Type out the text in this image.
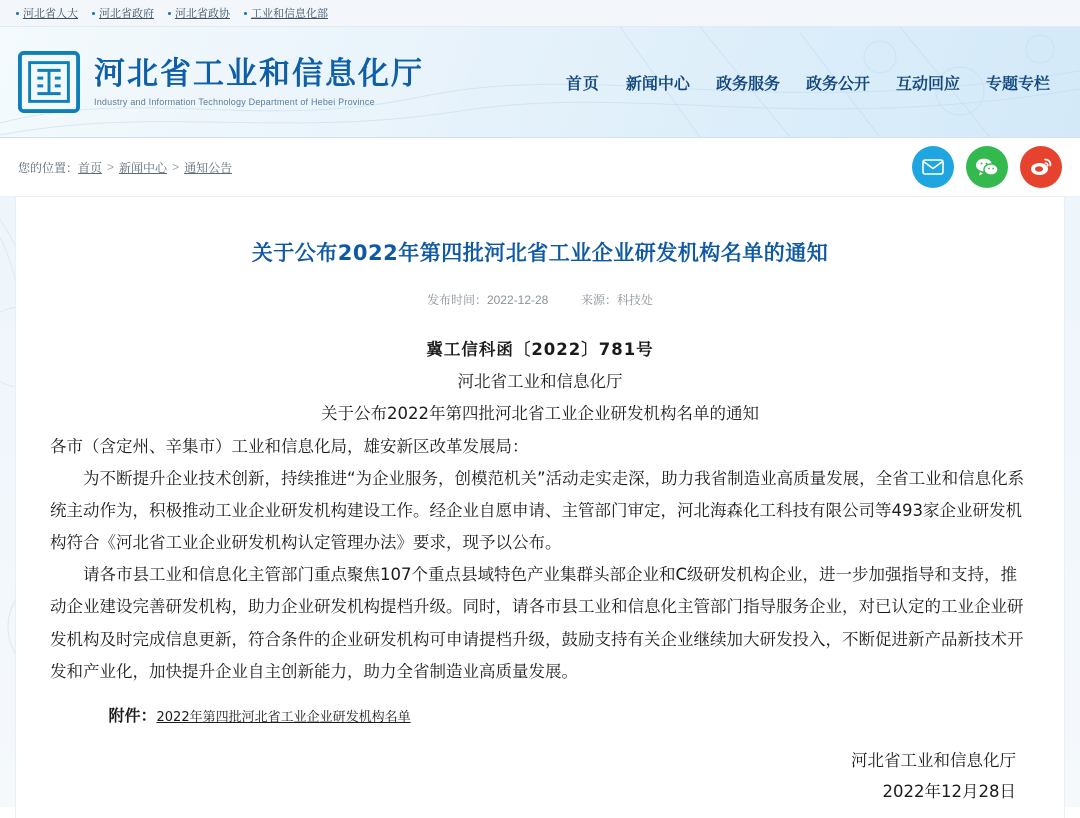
河北省人大 河北省政府 河北省政协 工业和信息化部
河北省工业和信息化厅
Industry and Information Technology Department of Hebei Province
首页 新闻中心 政务服务 政务公开 互动回应 专题专栏
您的位置： 首页 > 新闻中心 > 通知公告
关于公布2022年第四批河北省工业企业研发机构名单的通知
发布时间：2022-12-28	来源：科技处

冀工信科函〔2022〕781号

河北省工业和信息化厅

关于公布2022年第四批河北省工业企业研发机构名单的通知

各市（含定州、辛集市）工业和信息化局，雄安新区改革发展局：

为不断提升企业技术创新，持续推进“为企业服务，创模范机关”活动走实走深，助力我省制造业高质量发展，全省工业和信息化系统主动作为，积极推动工业企业研发机构建设工作。经企业自愿申请、主管部门审定，河北海森化工科技有限公司等493家企业研发机构符合《河北省工业企业研发机构认定管理办法》要求，现予以公布。

请各市县工业和信息化主管部门重点聚焦107个重点县域特色产业集群头部企业和C级研发机构企业，进一步加强指导和支持，推动企业建设完善研发机构，助力企业研发机构提档升级。同时，请各市县工业和信息化主管部门指导服务企业，对已认定的工业企业研发机构及时完成信息更新，符合条件的企业研发机构可申请提档升级，鼓励支持有关企业继续加大研发投入，不断促进新产品新技术开发和产业化，加快提升企业自主创新能力，助力全省制造业高质量发展。

附件：2022年第四批河北省工业企业研发机构名单
河北省工业和信息化厅
2022年12月28日
